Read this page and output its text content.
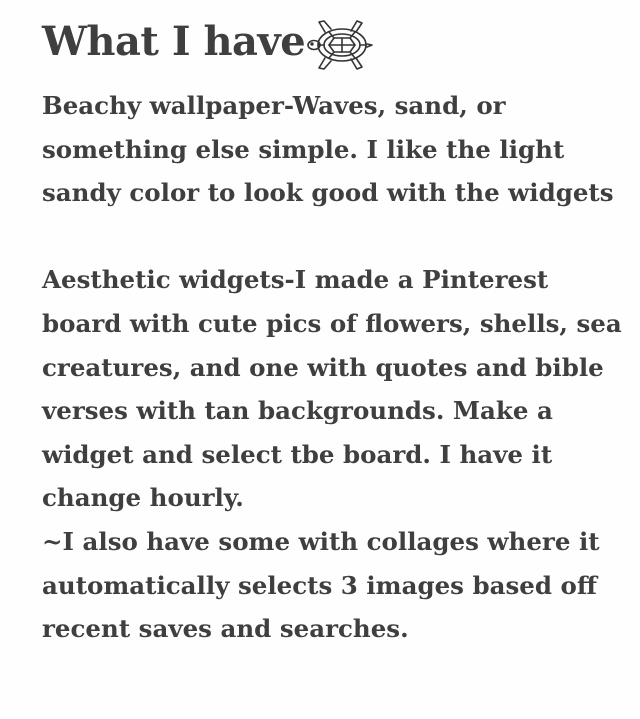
What I have

Beachy wallpaper-Waves, sand, or
something else simple. I like the light
sandy color to look good with the widgets

Aesthetic widgets-I made a Pinterest
board with cute pics of flowers, shells, sea
creatures, and one with quotes and bible
verses with tan backgrounds. Make a
widget and select tbe board. I have it
change hourly.
~I also have some with collages where it
automatically selects 3 images based off
recent saves and searches.
